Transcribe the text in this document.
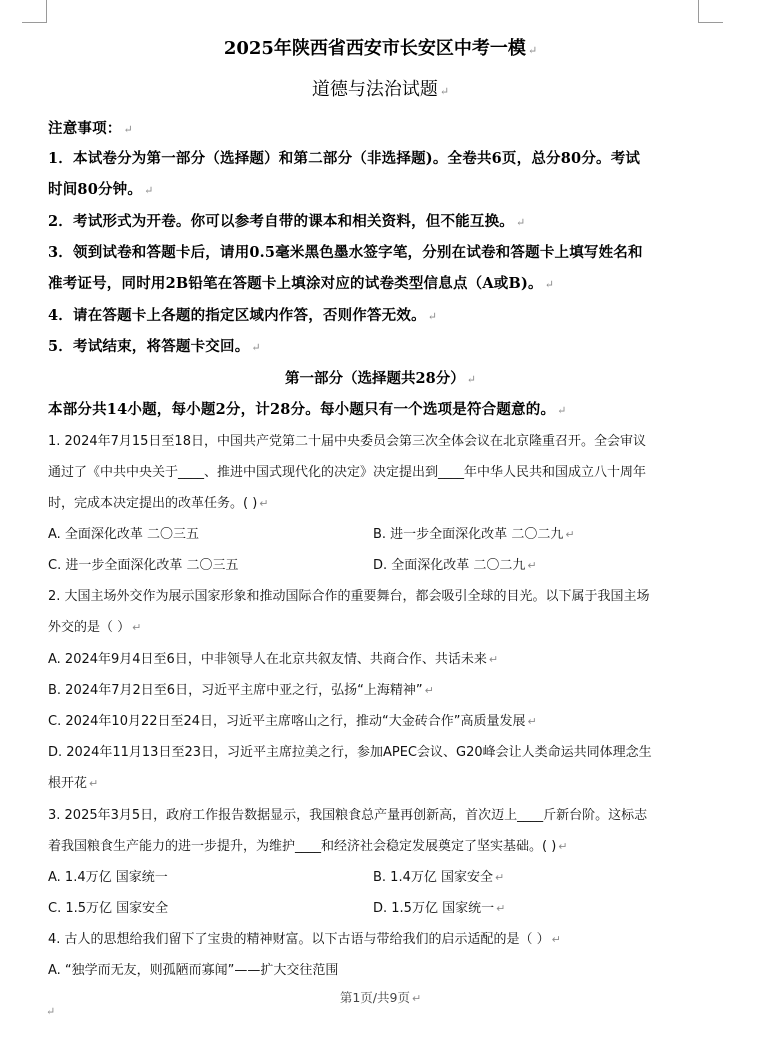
2025年陕西省西安市长安区中考一模 ↵
道德与法治试题 ↵
注意事项： ↵
1．本试卷分为第一部分（选择题）和第二部分（非选择题)。全卷共6页，总分80分。考试
时间80分钟。 ↵
2．考试形式为开卷。你可以参考自带的课本和相关资料，但不能互换。 ↵
3．领到试卷和答题卡后，请用0.5毫米黑色墨水签字笔，分别在试卷和答题卡上填写姓名和
准考证号，同时用2B铅笔在答题卡上填涂对应的试卷类型信息点（A或B)。 ↵
4．请在答题卡上各题的指定区域内作答，否则作答无效。 ↵
5．考试结束，将答题卡交回。 ↵
第一部分（选择题共28分） ↵
本部分共14小题，每小题2分，计28分。每小题只有一个选项是符合题意的。 ↵
1. 2024年7月15日至18日，中国共产党第二十届中央委员会第三次全体会议在北京隆重召开。全会审议
通过了《中共中央关于____、推进中国式现代化的决定》决定提出到____年中华人民共和国成立八十周年
时，完成本决定提出的改革任务。( ) ↵
A. 全面深化改革 二〇三五	B. 进一步全面深化改革 二〇二九 ↵
C. 进一步全面深化改革 二〇三五	D. 全面深化改革 二〇二九 ↵
2. 大国主场外交作为展示国家形象和推动国际合作的重要舞台，都会吸引全球的目光。以下属于我国主场
外交的是（ ） ↵
A. 2024年9月4日至6日，中非领导人在北京共叙友情、共商合作、共话未来 ↵
B. 2024年7月2日至6日，习近平主席中亚之行，弘扬“上海精神” ↵
C. 2024年10月22日至24日，习近平主席喀山之行，推动“大金砖合作”高质量发展 ↵
D. 2024年11月13日至23日，习近平主席拉美之行，参加APEC会议、G20峰会让人类命运共同体理念生
根开花 ↵
3. 2025年3月5日，政府工作报告数据显示，我国粮食总产量再创新高，首次迈上____斤新台阶。这标志
着我国粮食生产能力的进一步提升，为维护____和经济社会稳定发展奠定了坚实基础。( ) ↵
A. 1.4万亿 国家统一	B. 1.4万亿 国家安全 ↵
C. 1.5万亿 国家安全	D. 1.5万亿 国家统一 ↵
4. 古人的思想给我们留下了宝贵的精神财富。以下古语与带给我们的启示适配的是（ ） ↵
A. “独学而无友，则孤陋而寡闻”——扩大交往范围
第1页/共9页 ↵
↵
